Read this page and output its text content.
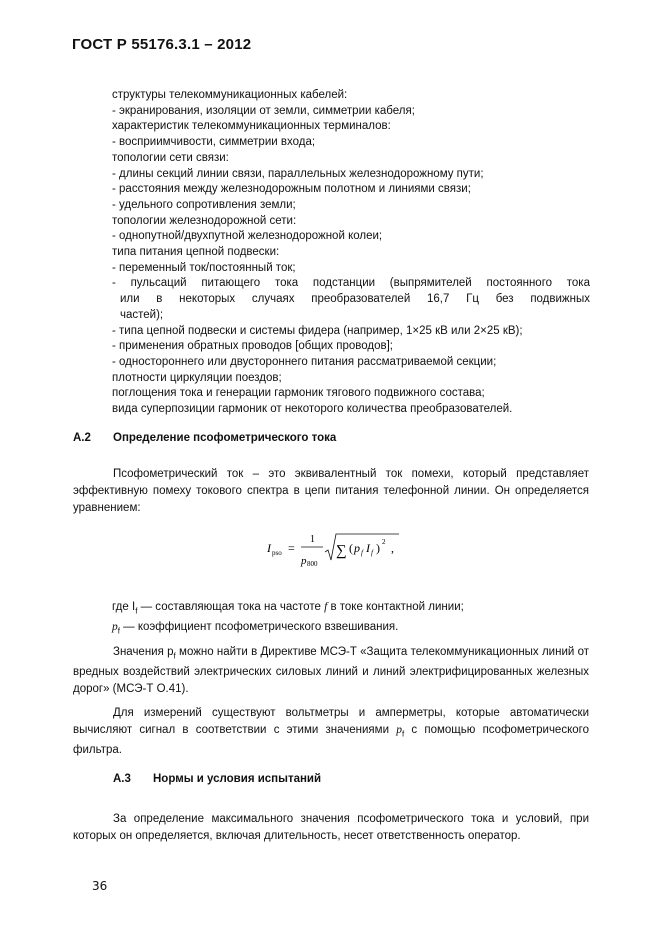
ГОСТ Р 55176.3.1 – 2012
структуры телекоммуникационных кабелей:
- экранирования, изоляции от земли, симметрии кабеля;
характеристик телекоммуникационных терминалов:
- восприимчивости, симметрии входа;
топологии сети связи:
- длины секций линии связи, параллельных железнодорожному пути;
- расстояния между железнодорожным полотном и линиями связи;
- удельного сопротивления земли;
топологии железнодорожной сети:
- однопутной/двухпутной железнодорожной колеи;
типа питания цепной подвески:
- переменный ток/постоянный ток;
- пульсаций питающего тока подстанции (выпрямителей постоянного тока
или в некоторых случаях преобразователей 16,7 Гц без подвижных
частей);
- типа цепной подвески и системы фидера (например, 1×25 кВ или 2×25 кВ);
- применения обратных проводов [общих проводов];
- одностороннего или двустороннего питания рассматриваемой секции;
плотности циркуляции поездов;
поглощения тока и генерации гармоник тягового подвижного состава;
вида суперпозиции гармоник от некоторого количества преобразователей.
А.2 Определение псофометрического тока
Псофометрический ток – это эквивалентный ток помехи, который представляет эффективную помеху токового спектра в цепи питания телефонной линии. Он определяется уравнением:
I pso =
1
p 800
∑ ( p f I f ) 2 ,
где $I_f$ — составляющая тока на частоте f в токе контактной линии;
$p_f$ — коэффициент псофометрического взвешивания.
Значения $p_f$ можно найти в Директиве МСЭ-Т «Защита телекоммуникационных линий от вредных воздействий электрических силовых линий и линий электрифицированных железных дорог» (МСЭ-Т О.41).
Для измерений существуют вольтметры и амперметры, которые автоматически вычисляют сигнал в соответствии с этими значениями $p_f$ с помощью псофометрического фильтра.
А.3 Нормы и условия испытаний
За определение максимального значения псофометрического тока и условий, при которых он определяется, включая длительность, несет ответственность оператор.
36
